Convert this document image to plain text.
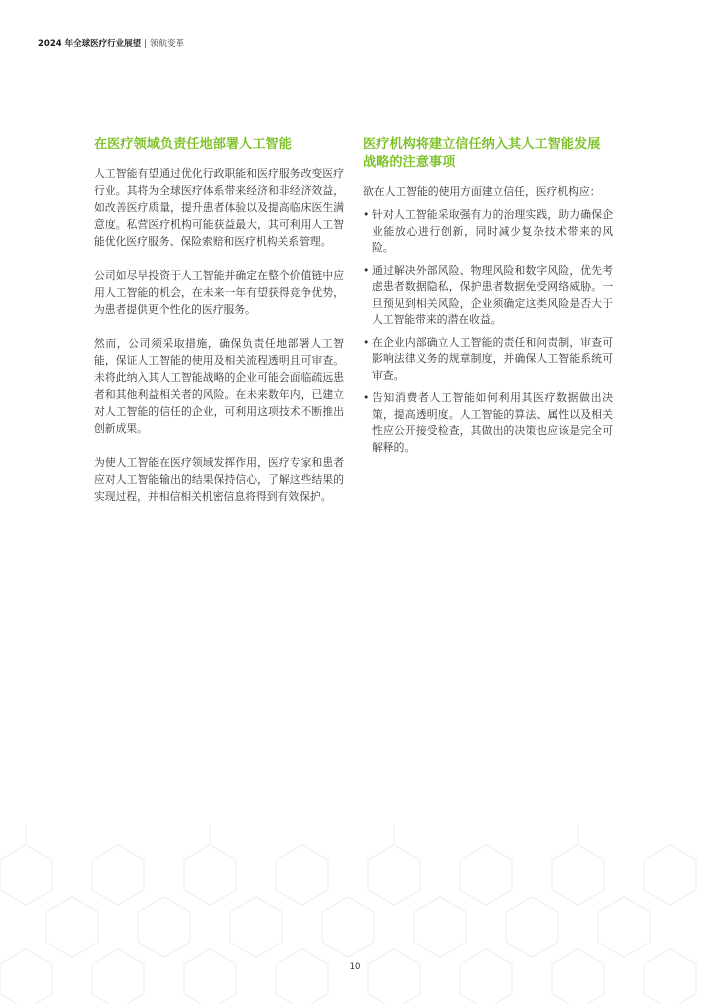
2024 年全球医疗行业展望 | 领航变革
在医疗领域负责任地部署人工智能

人工智能有望通过优化行政职能和医疗服务改变医疗行业。其将为全球医疗体系带来经济和非经济效益，如改善医疗质量，提升患者体验以及提高临床医生满意度。私营医疗机构可能获益最大，其可利用人工智能优化医疗服务、保险索赔和医疗机构关系管理。

公司如尽早投资于人工智能并确定在整个价值链中应用人工智能的机会，在未来一年有望获得竞争优势，为患者提供更个性化的医疗服务。

然而，公司须采取措施，确保负责任地部署人工智能，保证人工智能的使用及相关流程透明且可审查。未将此纳入其人工智能战略的企业可能会面临疏远患者和其他利益相关者的风险。在未来数年内，已建立对人工智能的信任的企业，可利用这项技术不断推出创新成果。

为使人工智能在医疗领域发挥作用，医疗专家和患者应对人工智能输出的结果保持信心，了解这些结果的实现过程，并相信相关机密信息将得到有效保护。

医疗机构将建立信任纳入其人工智能发展战略的注意事项

欲在人工智能的使用方面建立信任，医疗机构应：

• 针对人工智能采取强有力的治理实践，助力确保企业能放心进行创新，同时减少复杂技术带来的风险。
• 通过解决外部风险、物理风险和数字风险，优先考虑患者数据隐私，保护患者数据免受网络威胁。一旦预见到相关风险，企业须确定这类风险是否大于人工智能带来的潜在收益。
• 在企业内部确立人工智能的责任和问责制，审查可影响法律义务的规章制度，并确保人工智能系统可审查。
• 告知消费者人工智能如何利用其医疗数据做出决策，提高透明度。人工智能的算法、属性以及相关性应公开接受检查，其做出的决策也应该是完全可解释的。
10
